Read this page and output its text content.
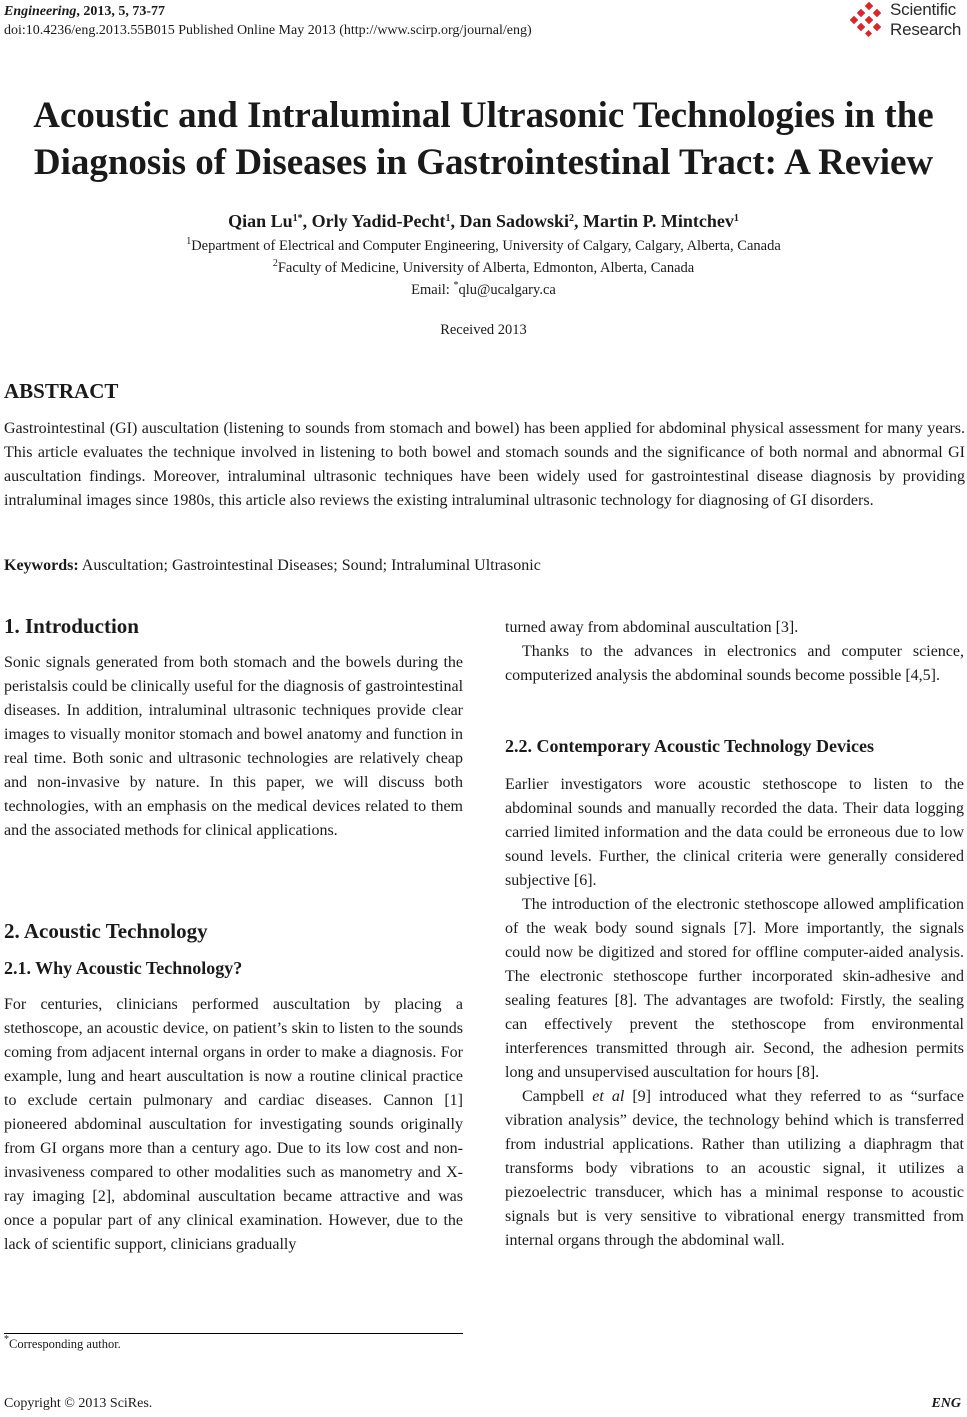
Engineering, 2013, 5, 73-77
doi:10.4236/eng.2013.55B015 Published Online May 2013 (http://www.scirp.org/journal/eng)
Scientific
Research
Acoustic and Intraluminal Ultrasonic Technologies in the
Diagnosis of Diseases in Gastrointestinal Tract: A Review
Qian $Lu^{1*}$, Orly Yadid-Pecht$^1$, Dan Sadowski$^2$, Martin P. Mintchev$^1$
$^1$Department of Electrical and Computer Engineering, University of Calgary, Calgary, Alberta, Canada
$^2$Faculty of Medicine, University of Alberta, Edmonton, Alberta, Canada
Email: *qlu@ucalgary.ca
Received 2013
ABSTRACT
Gastrointestinal (GI) auscultation (listening to sounds from stomach and bowel) has been applied for abdominal physical assessment for many years. This article evaluates the technique involved in listening to both bowel and stomach sounds and the significance of both normal and abnormal GI auscultation findings. Moreover, intraluminal ultrasonic techniques have been widely used for gastrointestinal disease diagnosis by providing intraluminal images since 1980s, this article also reviews the existing intraluminal ultrasonic technology for diagnosing of GI disorders.
Keywords: Auscultation; Gastrointestinal Diseases; Sound; Intraluminal Ultrasonic
1. Introduction

Sonic signals generated from both stomach and the bowels during the peristalsis could be clinically useful for the diagnosis of gastrointestinal diseases. In addition, intraluminal ultrasonic techniques provide clear images to visually monitor stomach and bowel anatomy and function in real time. Both sonic and ultrasonic technologies are relatively cheap and non-invasive by nature. In this paper, we will discuss both technologies, with an emphasis on the medical devices related to them and the associated methods for clinical applications.

2. Acoustic Technology
2.1. Why Acoustic Technology?

For centuries, clinicians performed auscultation by placing a stethoscope, an acoustic device, on patient’s skin to listen to the sounds coming from adjacent internal organs in order to make a diagnosis. For example, lung and heart auscultation is now a routine clinical practice to exclude certain pulmonary and cardiac diseases. Cannon [1] pioneered abdominal auscultation for investigating sounds originally from GI organs more than a century ago. Due to its low cost and non-invasiveness compared to other modalities such as manometry and X-ray imaging [2], abdominal auscultation became attractive and was once a popular part of any clinical examination. However, due to the lack of scientific support, clinicians gradually

*Corresponding author.

turned away from abdominal auscultation [3].

Thanks to the advances in electronics and computer science, computerized analysis the abdominal sounds become possible [4,5].

2.2. Contemporary Acoustic Technology Devices

Earlier investigators wore acoustic stethoscope to listen to the abdominal sounds and manually recorded the data. Their data logging carried limited information and the data could be erroneous due to low sound levels. Further, the clinical criteria were generally considered subjective [6].

The introduction of the electronic stethoscope allowed amplification of the weak body sound signals [7]. More importantly, the signals could now be digitized and stored for offline computer-aided analysis. The electronic stethoscope further incorporated skin-adhesive and sealing features [8]. The advantages are twofold: Firstly, the sealing can effectively prevent the stethoscope from environmental interferences transmitted through air. Second, the adhesion permits long and unsupervised auscultation for hours [8].

Campbell et al [9] introduced what they referred to as “surface vibration analysis” device, the technology behind which is transferred from industrial applications. Rather than utilizing a diaphragm that transforms body vibrations to an acoustic signal, it utilizes a piezoelectric transducer, which has a minimal response to acoustic signals but is very sensitive to vibrational energy transmitted from internal organs through the abdominal wall.

Copyright © 2013 SciRes.	ENG
